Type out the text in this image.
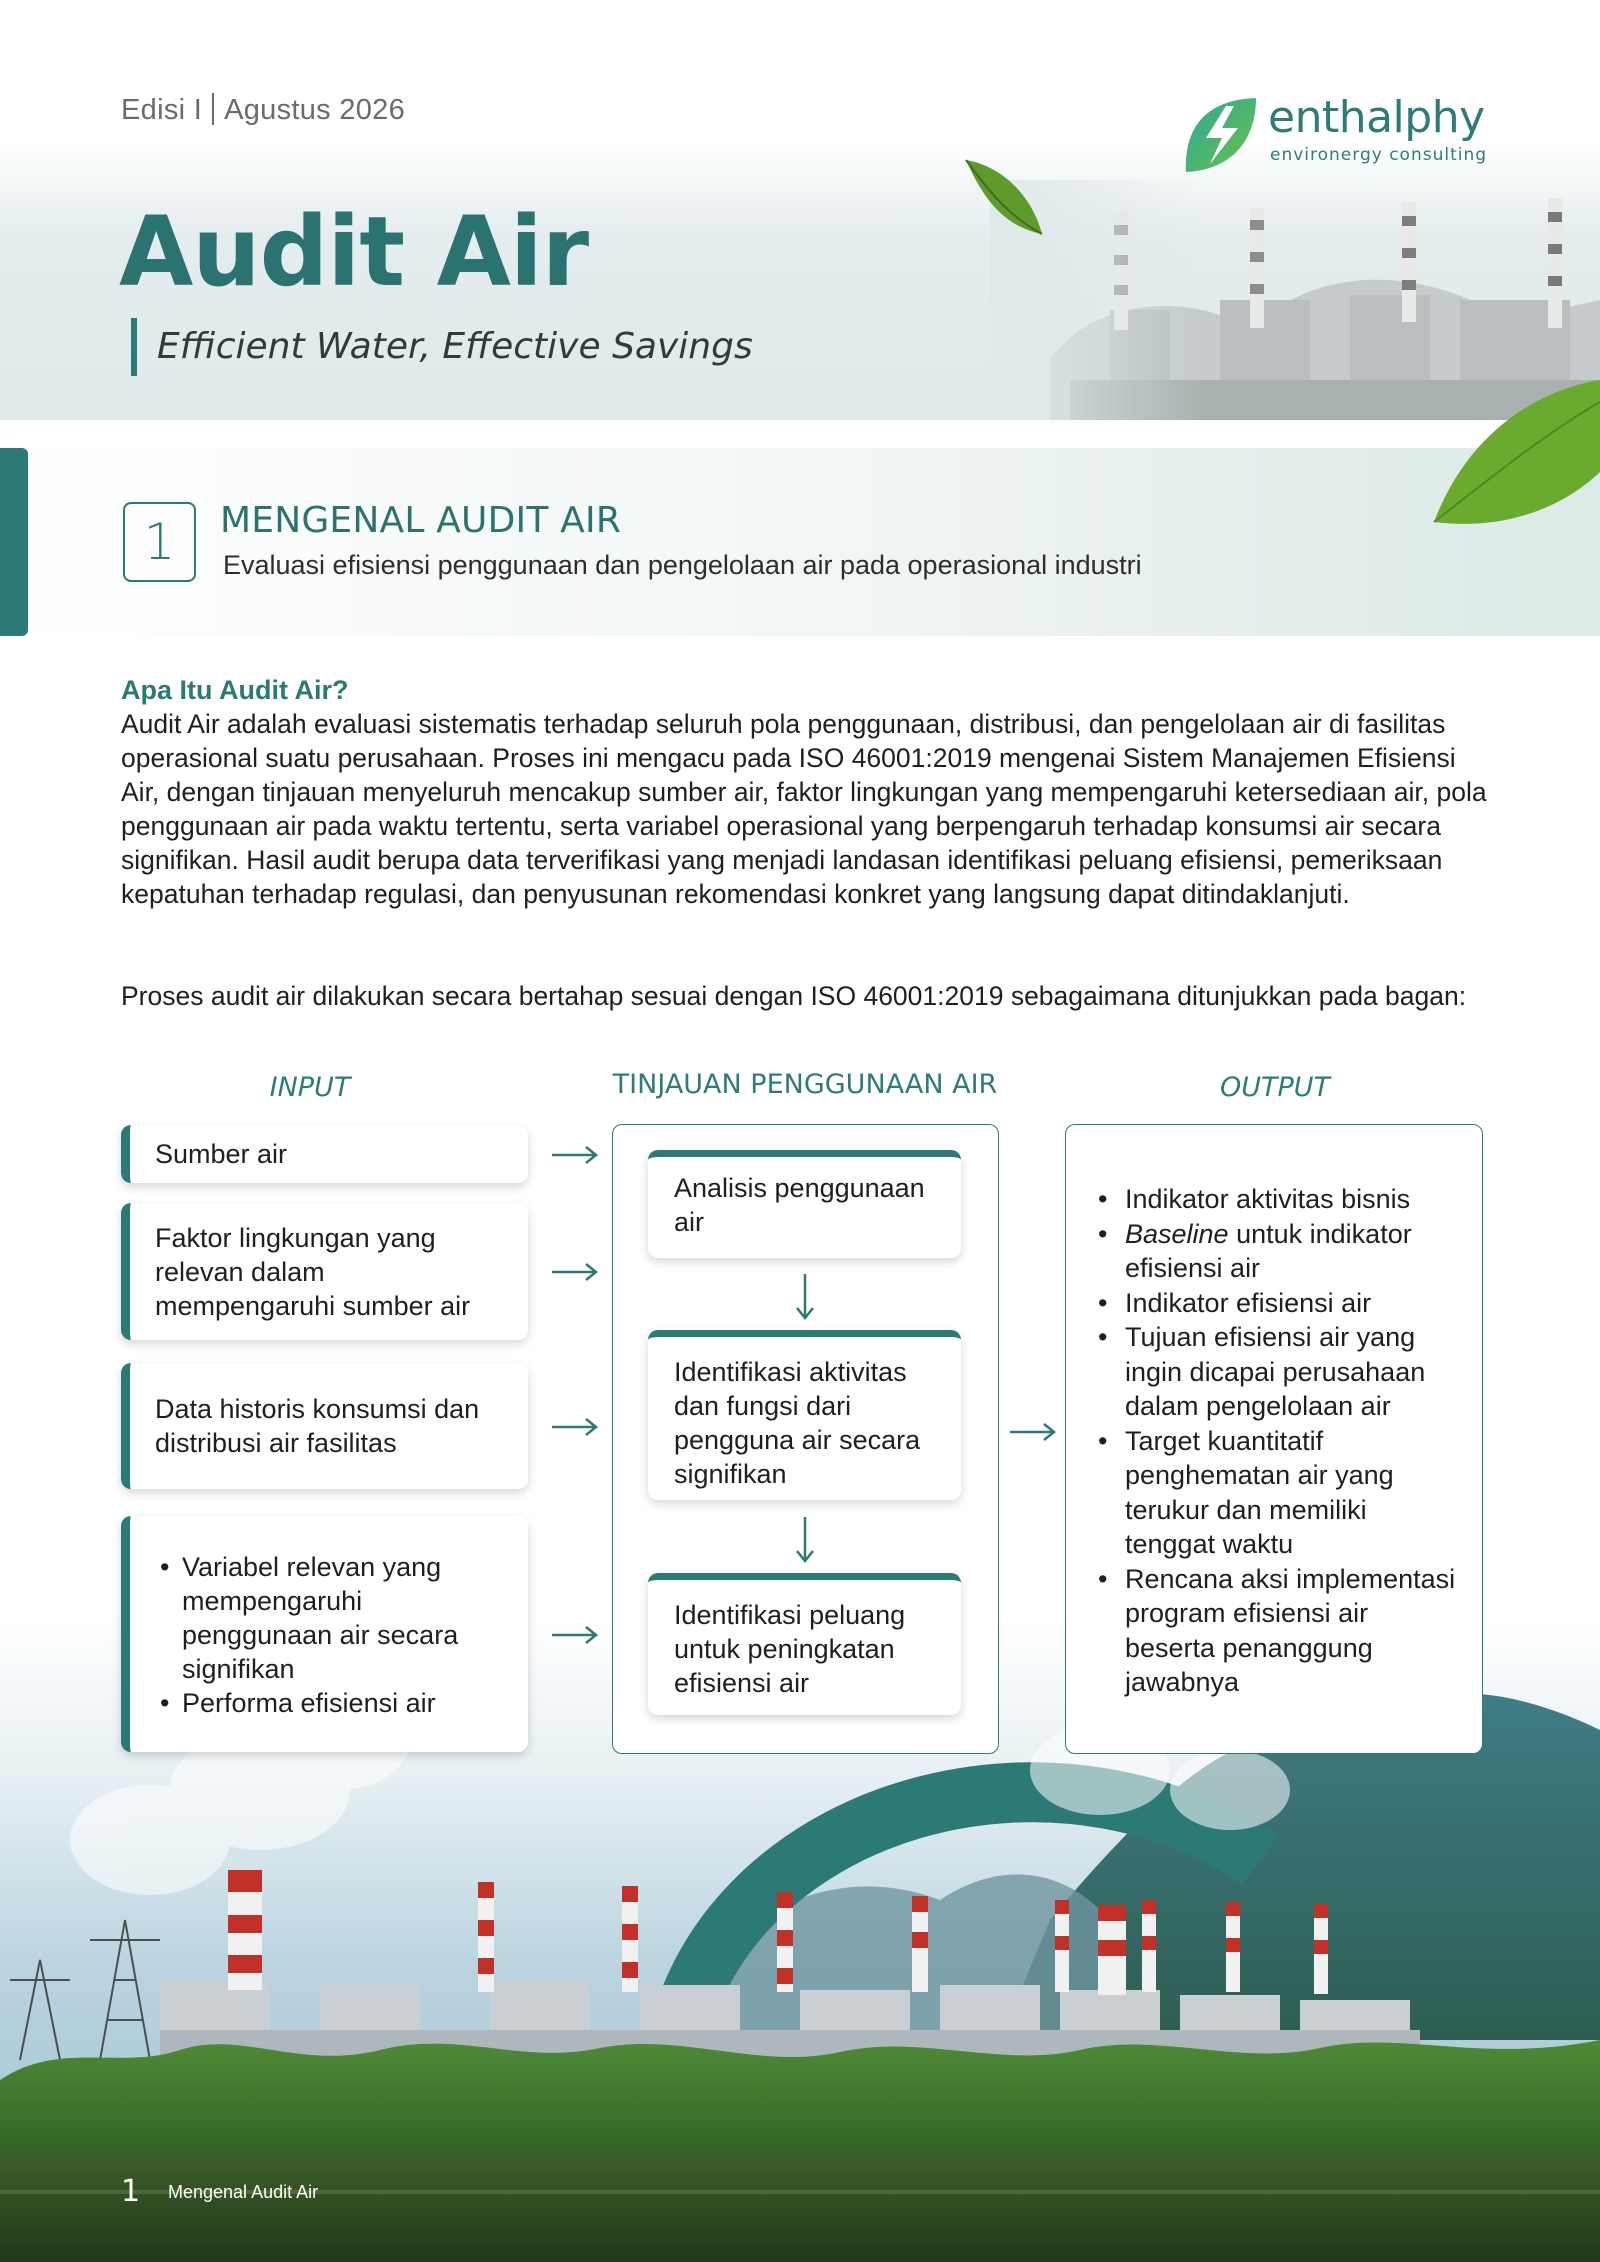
Edisi I Agustus 2026	enthalphy
environergy consulting
Audit Air
Efficient Water, Effective Savings
1	MENGENAL AUDIT AIR
Evaluasi efisiensi penggunaan dan pengelolaan air pada operasional industri
Apa Itu Audit Air?
Audit Air adalah evaluasi sistematis terhadap seluruh pola penggunaan, distribusi, dan pengelolaan air di fasilitas operasional suatu perusahaan. Proses ini mengacu pada ISO 46001:2019 mengenai Sistem Manajemen Efisiensi Air, dengan tinjauan menyeluruh mencakup sumber air, faktor lingkungan yang mempengaruhi ketersediaan air, pola penggunaan air pada waktu tertentu, serta variabel operasional yang berpengaruh terhadap konsumsi air secara signifikan. Hasil audit berupa data terverifikasi yang menjadi landasan identifikasi peluang efisiensi, pemeriksaan kepatuhan terhadap regulasi, dan penyusunan rekomendasi konkret yang langsung dapat ditindaklanjuti.
Proses audit air dilakukan secara bertahap sesuai dengan ISO 46001:2019 sebagaimana ditunjukkan pada bagan:
INPUT	TINJAUAN PENGGUNAAN AIR	OUTPUT
Sumber air
Faktor lingkungan yang relevan dalam mempengaruhi sumber air
Data historis konsumsi dan distribusi air fasilitas
• Variabel relevan yang mempengaruhi penggunaan air secara signifikan
• Performa efisiensi air
Analisis penggunaan air
Identifikasi aktivitas dan fungsi dari pengguna air secara signifikan
Identifikasi peluang untuk peningkatan efisiensi air
• Indikator aktivitas bisnis
• Baseline untuk indikator efisiensi air
• Indikator efisiensi air
• Tujuan efisiensi air yang ingin dicapai perusahaan dalam pengelolaan air
• Target kuantitatif penghematan air yang terukur dan memiliki tenggat waktu
• Rencana aksi implementasi program efisiensi air beserta penanggung jawabnya
1 Mengenal Audit Air
